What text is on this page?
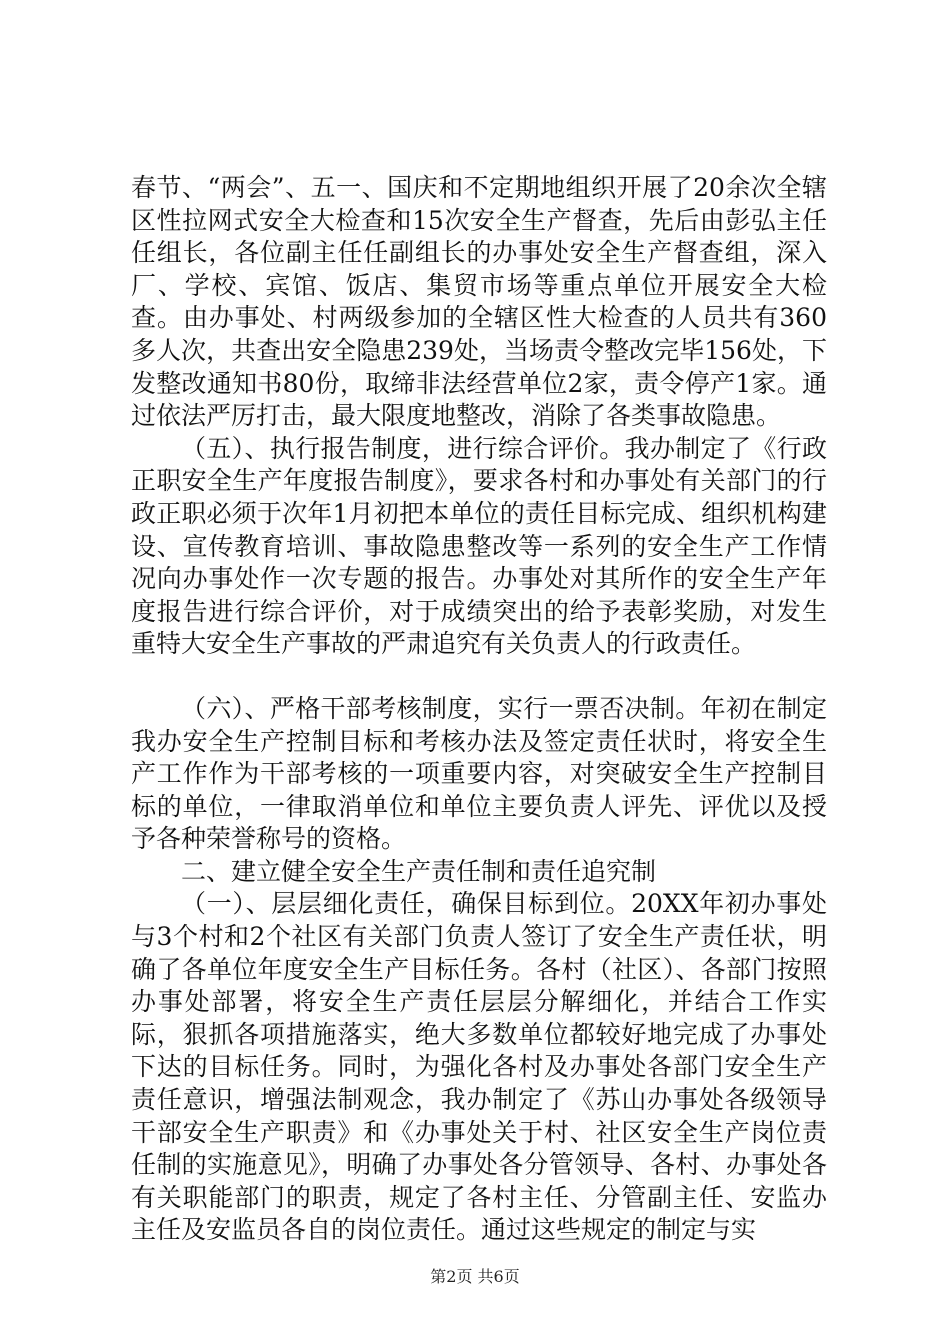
春节、“两会”、五一、国庆和不定期地组织开展了20余次全辖区性拉网式安全大检查和15次安全生产督查，先后由彭弘主任任组长，各位副主任任副组长的办事处安全生产督查组，深入厂、学校、宾馆、饭店、集贸市场等重点单位开展安全大检查。由办事处、村两级参加的全辖区性大检查的人员共有360多人次，共查出安全隐患239处，当场责令整改完毕156处，下发整改通知书80份，取缔非法经营单位2家，责令停产1家。通过依法严厉打击，最大限度地整改，消除了各类事故隐患。

（五）、执行报告制度，进行综合评价。我办制定了《行政正职安全生产年度报告制度》，要求各村和办事处有关部门的行政正职必须于次年1月初把本单位的责任目标完成、组织机构建设、宣传教育培训、事故隐患整改等一系列的安全生产工作情况向办事处作一次专题的报告。办事处对其所作的安全生产年度报告进行综合评价，对于成绩突出的给予表彰奖励，对发生重特大安全生产事故的严肃追究有关负责人的行政责任。

（六）、严格干部考核制度，实行一票否决制。年初在制定我办安全生产控制目标和考核办法及签定责任状时，将安全生产工作作为干部考核的一项重要内容，对突破安全生产控制目标的单位，一律取消单位和单位主要负责人评先、评优以及授予各种荣誉称号的资格。

二、建立健全安全生产责任制和责任追究制

（一）、层层细化责任，确保目标到位。20XX年初办事处与3个村和2个社区有关部门负责人签订了安全生产责任状，明确了各单位年度安全生产目标任务。各村（社区）、各部门按照办事处部署，将安全生产责任层层分解细化，并结合工作实际，狠抓各项措施落实，绝大多数单位都较好地完成了办事处下达的目标任务。同时，为强化各村及办事处各部门安全生产责任意识，增强法制观念，我办制定了《苏山办事处各级领导干部安全生产职责》和《办事处关于村、社区安全生产岗位责任制的实施意见》，明确了办事处各分管领导、各村、办事处各有关职能部门的职责，规定了各村主任、分管副主任、安监办主任及安监员各自的岗位责任。通过这些规定的制定与实

第2页 共6页
